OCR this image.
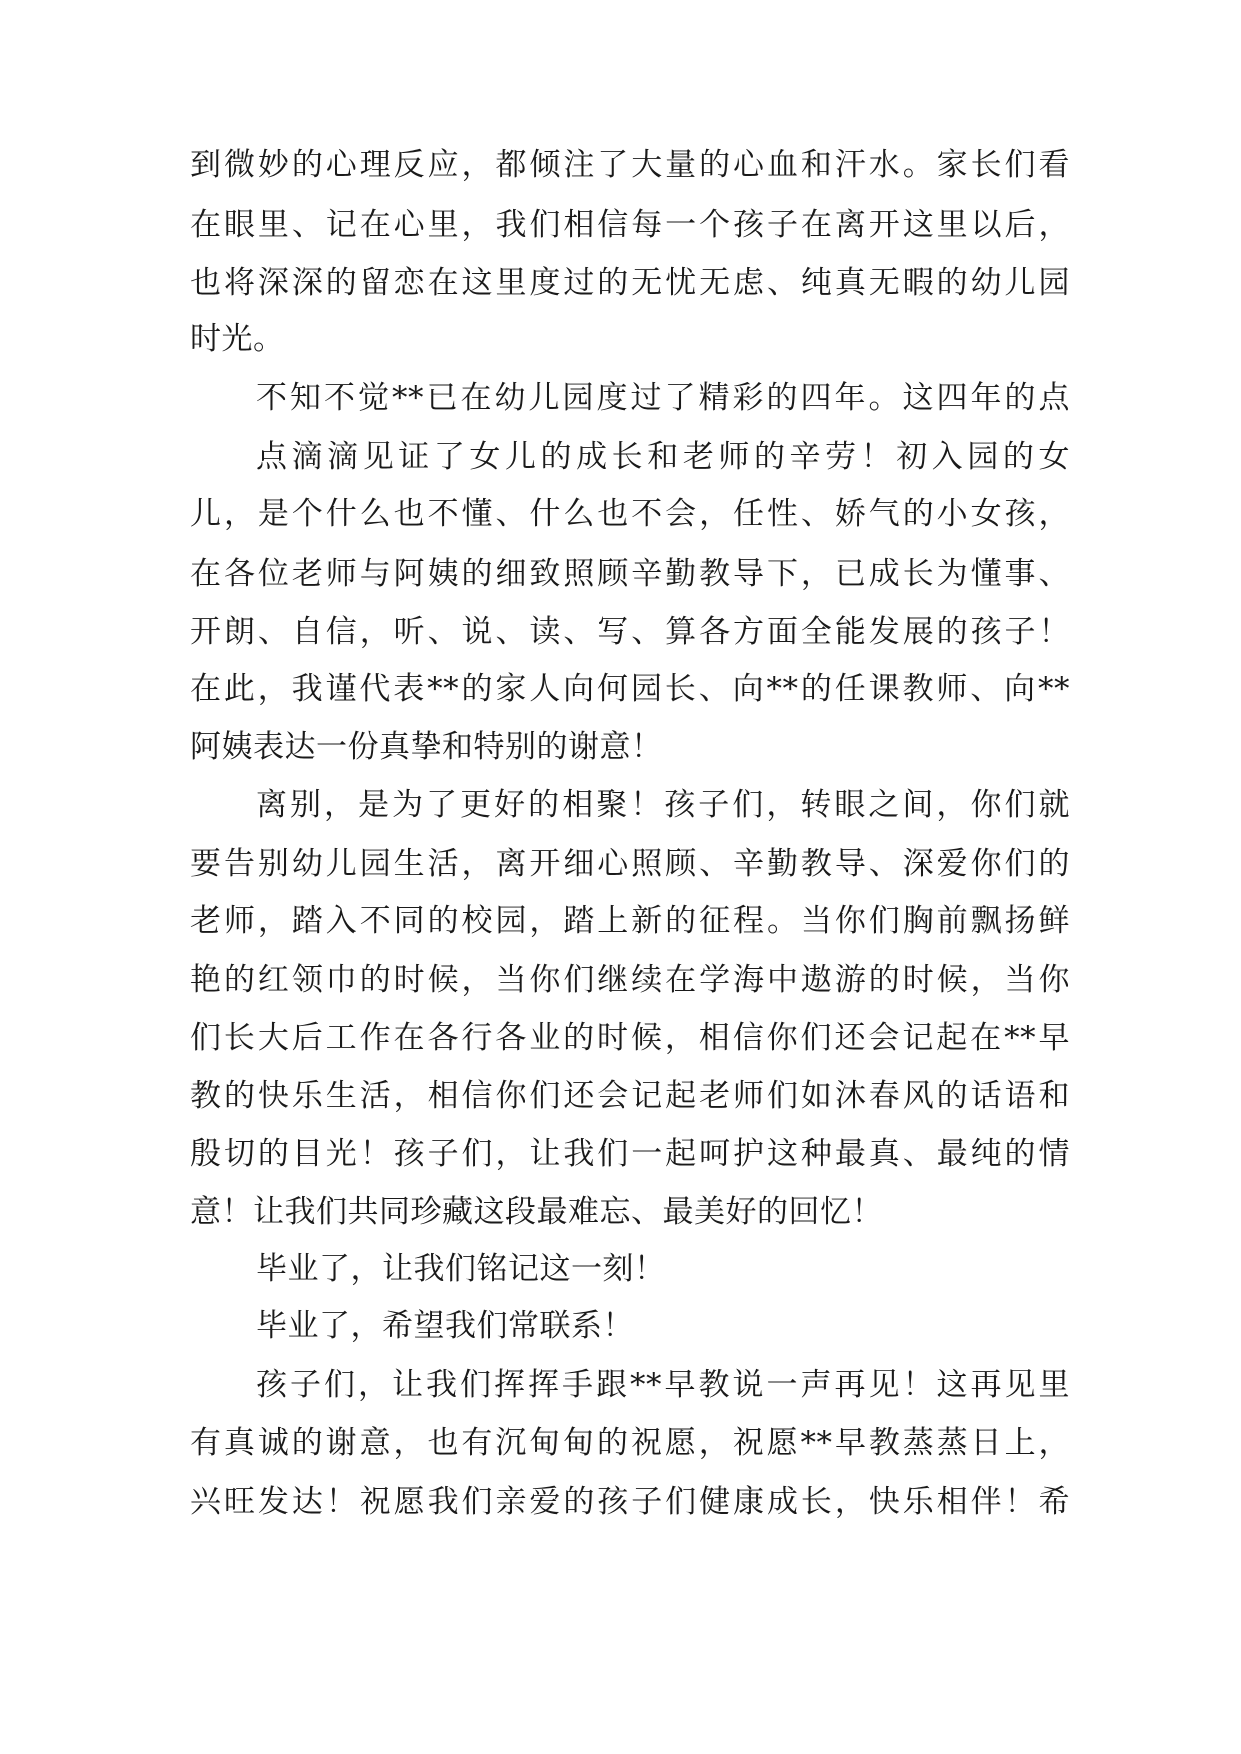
到微妙的心理反应，都倾注了大量的心血和汗水。家长们看
在眼里、记在心里，我们相信每一个孩子在离开这里以后，
也将深深的留恋在这里度过的无忧无虑、纯真无暇的幼儿园
时光。
不知不觉**已在幼儿园度过了精彩的四年。这四年的点
点滴滴见证了女儿的成长和老师的辛劳！初入园的女
儿，是个什么也不懂、什么也不会，任性、娇气的小女孩，
在各位老师与阿姨的细致照顾辛勤教导下，已成长为懂事、
开朗、自信，听、说、读、写、算各方面全能发展的孩子！
在此，我谨代表**的家人向何园长、向**的任课教师、向**
阿姨表达一份真挚和特别的谢意！
离别，是为了更好的相聚！孩子们，转眼之间，你们就
要告别幼儿园生活，离开细心照顾、辛勤教导、深爱你们的
老师，踏入不同的校园，踏上新的征程。当你们胸前飘扬鲜
艳的红领巾的时候，当你们继续在学海中遨游的时候，当你
们长大后工作在各行各业的时候，相信你们还会记起在**早
教的快乐生活，相信你们还会记起老师们如沐春风的话语和
殷切的目光！孩子们，让我们一起呵护这种最真、最纯的情
意！让我们共同珍藏这段最难忘、最美好的回忆！
毕业了，让我们铭记这一刻！
毕业了，希望我们常联系！
孩子们，让我们挥挥手跟**早教说一声再见！这再见里
有真诚的谢意，也有沉甸甸的祝愿，祝愿**早教蒸蒸日上，
兴旺发达！祝愿我们亲爱的孩子们健康成长，快乐相伴！希
